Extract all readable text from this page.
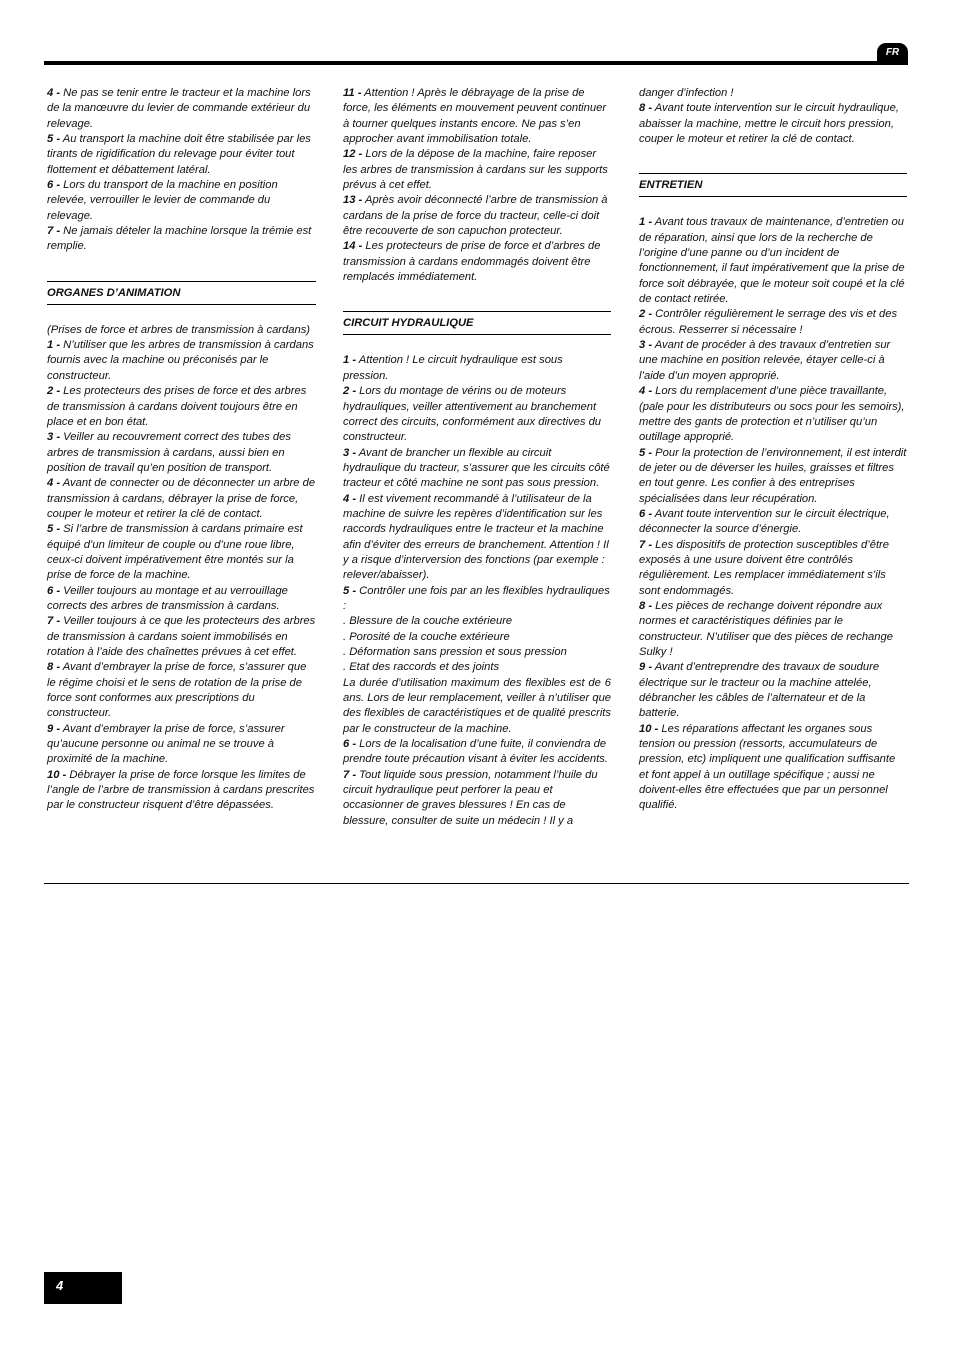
FR

4 - Ne pas se tenir entre le tracteur et la machine lors de la manœuvre du levier de commande extérieur du relevage.

5 - Au transport la machine doit être stabilisée par les tirants de rigidification du relevage pour éviter tout flottement et débattement latéral.

6 - Lors du transport de la machine en position relevée, verrouiller le levier de commande du relevage.

7 - Ne jamais dételer la machine lorsque la trémie est remplie.

ORGANES D’ANIMATION

(Prises de force et arbres de transmission à cardans)

1 - N’utiliser que les arbres de transmission à cardans fournis avec la machine ou préconisés par le constructeur.

2 - Les protecteurs des prises de force et des arbres de transmission à cardans doivent toujours être en place et en bon état.

3 - Veiller au recouvrement correct des tubes des arbres de transmission à cardans, aussi bien en position de travail qu’en position de transport.

4 - Avant de connecter ou de déconnecter un arbre de transmission à cardans, débrayer la prise de force, couper le moteur et retirer la clé de contact.

5 - Si l’arbre de transmission à cardans primaire est équipé d’un limiteur de couple ou d’une roue libre, ceux-ci doivent impérativement être montés sur la prise de force de la machine.

6 - Veiller toujours au montage et au verrouillage corrects des arbres de transmission à cardans.

7 - Veiller toujours à ce que les protecteurs des arbres de transmission à cardans soient immobilisés en rotation à l’aide des chaînettes prévues à cet effet.

8 - Avant d’embrayer la prise de force, s’assurer que le régime choisi et le sens de rotation de la prise de force sont conformes aux prescriptions du constructeur.

9 - Avant d’embrayer la prise de force, s’assurer qu’aucune personne ou animal ne se trouve à proximité de la machine.

10 - Débrayer la prise de force lorsque les limites de l’angle de l’arbre de transmission à cardans prescrites par le constructeur risquent d’être dépassées.

11 - Attention ! Après le débrayage de la prise de force, les éléments en mouvement peuvent continuer à tourner quelques instants encore. Ne pas s’en approcher avant immobilisation totale.

12 - Lors de la dépose de la machine, faire reposer les arbres de transmission à cardans sur les supports prévus à cet effet.

13 - Après avoir déconnecté l’arbre de transmission à cardans de la prise de force du tracteur, celle-ci doit être recouverte de son capuchon protecteur.

14 - Les protecteurs de prise de force et d’arbres de transmission à cardans endommagés doivent être remplacés immédiatement.

CIRCUIT HYDRAULIQUE

1 - Attention ! Le circuit hydraulique est sous pression.

2 - Lors du montage de vérins ou de moteurs hydrauliques, veiller attentivement au branchement correct des circuits, conformément aux directives du constructeur.

3 - Avant de brancher un flexible au circuit hydraulique du tracteur, s’assurer que les circuits côté tracteur et côté machine ne sont pas sous pression.

4 - Il est vivement recommandé à l’utilisateur de la machine de suivre les repères d’identification sur les raccords hydrauliques entre le tracteur et la machine afin d’éviter des erreurs de branchement. Attention ! Il y a risque d’interversion des fonctions (par exemple : relever/abaisser).

5 - Contrôler une fois par an les flexibles hydrauliques :

. Blessure de la couche extérieure

. Porosité de la couche extérieure

. Déformation sans pression et sous pression

. Etat des raccords et des joints

La durée d’utilisation maximum des flexibles est de 6 ans. Lors de leur remplacement, veiller à n’utiliser que des flexibles de caractéristiques et de qualité prescrits par le constructeur de la machine.

6 - Lors de la localisation d’une fuite, il conviendra de prendre toute précaution visant à éviter les accidents.

7 - Tout liquide sous pression, notamment l’huile du circuit hydraulique peut perforer la peau et occasionner de graves blessures ! En cas de blessure, consulter de suite un médecin ! Il y a

danger d’infection !

8 - Avant toute intervention sur le circuit hydraulique, abaisser la machine, mettre le circuit hors pression, couper le moteur et retirer la clé de contact.

ENTRETIEN

1 - Avant tous travaux de maintenance, d’entretien ou de réparation, ainsi que lors de la recherche de l’origine d’une panne ou d’un incident de fonctionnement, il faut impérativement que la prise de force soit débrayée, que le moteur soit coupé et la clé de contact retirée.

2 - Contrôler régulièrement le serrage des vis et des écrous. Resserrer si nécessaire !

3 - Avant de procéder à des travaux d’entretien sur une machine en position relevée, étayer celle-ci à l’aide d’un moyen approprié.

4 - Lors du remplacement d’une pièce travaillante, (pale pour les distributeurs ou socs pour les semoirs), mettre des gants de protection et n’utiliser qu’un outillage approprié.

5 - Pour la protection de l’environnement, il est interdit de jeter ou de déverser les huiles, graisses et filtres en tout genre. Les confier à des entreprises spécialisées dans leur récupération.

6 - Avant toute intervention sur le circuit électrique, déconnecter la source d’énergie.

7 - Les dispositifs de protection susceptibles d’être exposés à une usure doivent être contrôlés régulièrement. Les remplacer immédiatement s’ils sont endommagés.

8 - Les pièces de rechange doivent répondre aux normes et caractéristiques définies par le constructeur. N’utiliser que des pièces de rechange Sulky !

9 - Avant d’entreprendre des travaux de soudure électrique sur le tracteur ou la machine attelée, débrancher les câbles de l’alternateur et de la batterie.

10 - Les réparations affectant les organes sous tension ou pression (ressorts, accumulateurs de pression, etc) impliquent une qualification suffisante et font appel à un outillage spécifique ; aussi ne doivent-elles être effectuées que par un personnel qualifié.

4
